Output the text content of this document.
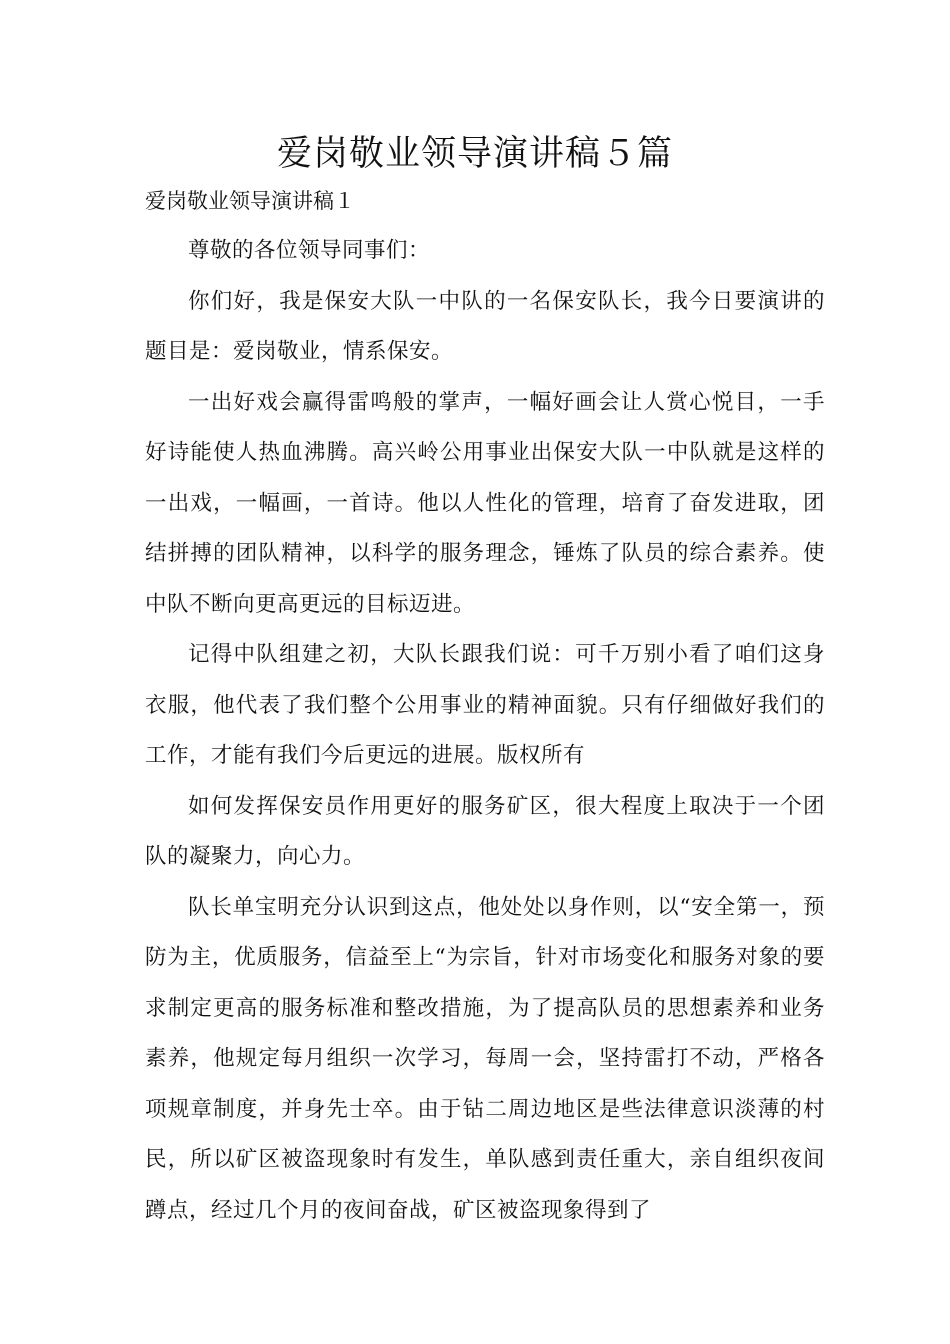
爱岗敬业领导演讲稿５篇

爱岗敬业领导演讲稿１

尊敬的各位领导同事们：

你们好，我是保安大队一中队的一名保安队长，我今日要演讲的题目是：爱岗敬业，情系保安。

一出好戏会赢得雷鸣般的掌声，一幅好画会让人赏心悦目，一手好诗能使人热血沸腾。高兴岭公用事业出保安大队一中队就是这样的一出戏，一幅画，一首诗。他以人性化的管理，培育了奋发进取，团结拼搏的团队精神，以科学的服务理念，锤炼了队员的综合素养。使中队不断向更高更远的目标迈进。

记得中队组建之初，大队长跟我们说：可千万别小看了咱们这身衣服，他代表了我们整个公用事业的精神面貌。只有仔细做好我们的工作，才能有我们今后更远的进展。版权所有

如何发挥保安员作用更好的服务矿区，很大程度上取决于一个团队的凝聚力，向心力。

队长单宝明充分认识到这点，他处处以身作则，以“安全第一，预防为主，优质服务，信益至上“为宗旨，针对市场变化和服务对象的要求制定更高的服务标准和整改措施，为了提高队员的思想素养和业务素养，他规定每月组织一次学习，每周一会，坚持雷打不动，严格各项规章制度，并身先士卒。由于钻二周边地区是些法律意识淡薄的村民，所以矿区被盗现象时有发生，单队感到责任重大，亲自组织夜间蹲点，经过几个月的夜间奋战，矿区被盗现象得到了
